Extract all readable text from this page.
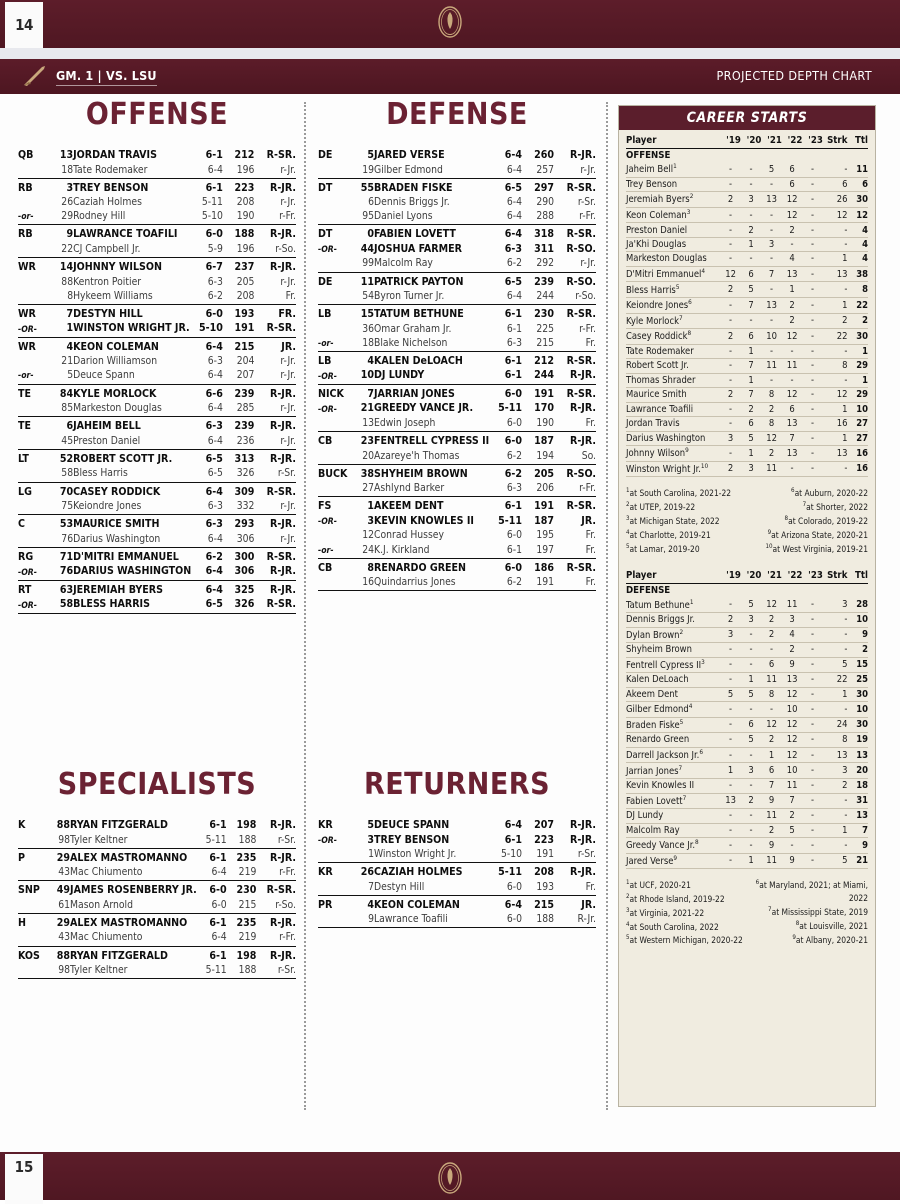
14
GM. 1 | VS. LSU	PROJECTED DEPTH CHART
OFFENSE
QB	13	JORDAN TRAVIS	6-1	212	R-SR.
	18	Tate Rodemaker	6-4	196	r-Jr.
RB	3	TREY BENSON	6-1	223	R-JR.
	26	Caziah Holmes	5-11	208	r-Jr.
-or-	29	Rodney Hill	5-10	190	r-Fr.
RB	9	LAWRANCE TOAFILI	6-0	188	R-JR.
	22	CJ Campbell Jr.	5-9	196	r-So.
WR	14	JOHNNY WILSON	6-7	237	R-JR.
	88	Kentron Poitier	6-3	205	r-Jr.
	8	Hykeem Williams	6-2	208	Fr.
WR	7	DESTYN HILL	6-0	193	FR.
-OR-	1	WINSTON WRIGHT JR.	5-10	191	R-SR.
WR	4	KEON COLEMAN	6-4	215	JR.
	21	Darion Williamson	6-3	204	r-Jr.
-or-	5	Deuce Spann	6-4	207	r-Jr.
TE	84	KYLE MORLOCK	6-6	239	R-JR.
	85	Markeston Douglas	6-4	285	r-Jr.
TE	6	JAHEIM BELL	6-3	239	R-JR.
	45	Preston Daniel	6-4	236	r-Jr.
LT	52	ROBERT SCOTT JR.	6-5	313	R-JR.
	58	Bless Harris	6-5	326	r-Sr.
LG	70	CASEY RODDICK	6-4	309	R-SR.
	75	Keiondre Jones	6-3	332	r-Jr.
C	53	MAURICE SMITH	6-3	293	R-JR.
	76	Darius Washington	6-4	306	r-Jr.
RG	71	D'MITRI EMMANUEL	6-2	300	R-SR.
-OR-	76	DARIUS WASHINGTON	6-4	306	R-JR.
RT	63	JEREMIAH BYERS	6-4	325	R-JR.
-OR-	58	BLESS HARRIS	6-5	326	R-SR.
DEFENSE
DE	5	JARED VERSE	6-4	260	R-JR.
	19	Gilber Edmond	6-4	257	r-Jr.
DT	55	BRADEN FISKE	6-5	297	R-SR.
	6	Dennis Briggs Jr.	6-4	290	r-Sr.
	95	Daniel Lyons	6-4	288	r-Fr.
DT	0	FABIEN LOVETT	6-4	318	R-SR.
-OR-	44	JOSHUA FARMER	6-3	311	R-SO.
	99	Malcolm Ray	6-2	292	r-Jr.
DE	11	PATRICK PAYTON	6-5	239	R-SO.
	54	Byron Turner Jr.	6-4	244	r-So.
LB	15	TATUM BETHUNE	6-1	230	R-SR.
	36	Omar Graham Jr.	6-1	225	r-Fr.
-or-	18	Blake Nichelson	6-3	215	Fr.
LB	4	KALEN DeLOACH	6-1	212	R-SR.
-OR-	10	DJ LUNDY	6-1	244	R-JR.
NICK	7	JARRIAN JONES	6-0	191	R-SR.
-OR-	21	GREEDY VANCE JR.	5-11	170	R-JR.
	13	Edwin Joseph	6-0	190	Fr.
CB	23	FENTRELL CYPRESS II	6-0	187	R-JR.
	20	Azareye'h Thomas	6-2	194	So.
BUCK	38	SHYHEIM BROWN	6-2	205	R-SO.
	27	Ashlynd Barker	6-3	206	r-Fr.
FS	1	AKEEM DENT	6-1	191	R-SR.
-OR-	3	KEVIN KNOWLES II	5-11	187	JR.
	12	Conrad Hussey	6-0	195	Fr.
-or-	24	K.J. Kirkland	6-1	197	Fr.
CB	8	RENARDO GREEN	6-0	186	R-SR.
	16	Quindarrius Jones	6-2	191	Fr.
SPECIALISTS
K	88	RYAN FITZGERALD	6-1	198	R-JR.
	98	Tyler Keltner	5-11	188	r-Sr.
P	29	ALEX MASTROMANNO	6-1	235	R-JR.
	43	Mac Chiumento	6-4	219	r-Fr.
SNP	49	JAMES ROSENBERRY JR.	6-0	230	R-SR.
	61	Mason Arnold	6-0	215	r-So.
H	29	ALEX MASTROMANNO	6-1	235	R-JR.
	43	Mac Chiumento	6-4	219	r-Fr.
KOS	88	RYAN FITZGERALD	6-1	198	R-JR.
	98	Tyler Keltner	5-11	188	r-Sr.
RETURNERS
KR	5	DEUCE SPANN	6-4	207	R-JR.
-OR-	3	TREY BENSON	6-1	223	R-JR.
	1	Winston Wright Jr.	5-10	191	r-Sr.
KR	26	CAZIAH HOLMES	5-11	208	R-JR.
	7	Destyn Hill	6-0	193	Fr.
PR	4	KEON COLEMAN	6-4	215	JR.
	9	Lawrance Toafili	6-0	188	R-Jr.
CAREER STARTS
Player	'19	'20	'21	'22	'23	Strk	Ttl
OFFENSE							
Jaheim Bell$^1$	-	-	5	6	-	-	11
Trey Benson	-	-	-	6	-	6	6
Jeremiah Byers$^2$	2	3	13	12	-	26	30
Keon Coleman$^3$	-	-	-	12	-	12	12
Preston Daniel	-	2	-	2	-	-	4
Ja'Khi Douglas	-	1	3	-	-	-	4
Markeston Douglas	-	-	-	4	-	1	4
D'Mitri Emmanuel$^4$	12	6	7	13	-	13	38
Bless Harris$^5$	2	5	-	1	-	-	8
Keiondre Jones$^6$	-	7	13	2	-	1	22
Kyle Morlock$^7$	-	-	-	2	-	2	2
Casey Roddick$^8$	2	6	10	12	-	22	30
Tate Rodemaker	-	1	-	-	-	-	1
Robert Scott Jr.	-	7	11	11	-	8	29
Thomas Shrader	-	1	-	-	-	-	1
Maurice Smith	2	7	8	12	-	12	29
Lawrance Toafili	-	2	2	6	-	1	10
Jordan Travis	-	6	8	13	-	16	27
Darius Washington	3	5	12	7	-	1	27
Johnny Wilson$^9$	-	1	2	13	-	13	16
Winston Wright Jr.$^{10}$	2	3	11	-	-	-	16
$^1$at South Carolina, 2021-22
$^2$at UTEP, 2019-22
$^3$at Michigan State, 2022
$^4$at Charlotte, 2019-21
$^5$at Lamar, 2019-20
$^6$at Auburn, 2020-22
$^7$at Shorter, 2022
$^8$at Colorado, 2019-22
$^9$at Arizona State, 2020-21
$^{10}$at West Virginia, 2019-21
Player	'19	'20	'21	'22	'23	Strk	Ttl
DEFENSE							
Tatum Bethune$^1$	-	5	12	11	-	3	28
Dennis Briggs Jr.	2	3	2	3	-	-	10
Dylan Brown$^2$	3	-	2	4	-	-	9
Shyheim Brown	-	-	-	2	-	-	2
Fentrell Cypress $II^3$	-	-	6	9	-	5	15
Kalen DeLoach	-	1	11	13	-	22	25
Akeem Dent	5	5	8	12	-	1	30
Gilber Edmond$^4$	-	-	-	10	-	-	10
Braden Fiske$^5$	-	6	12	12	-	24	30
Renardo Green	-	5	2	12	-	8	19
Darrell Jackson Jr.$^6$	-	-	1	12	-	13	13
Jarrian Jones$^7$	1	3	6	10	-	3	20
Kevin Knowles II	-	-	7	11	-	2	18
Fabien Lovett$^7$	13	2	9	7	-	-	31
DJ Lundy	-	-	11	2	-	-	13
Malcolm Ray	-	-	2	5	-	1	7
Greedy Vance Jr.$^8$	-	-	9	-	-	-	9
Jared Verse$^9$	-	1	11	9	-	5	21
$^1$at UCF, 2020-21
$^2$at Rhode Island, 2019-22
$^3$at Virginia, 2021-22
$^4$at South Carolina, 2022
$^5$at Western Michigan, 2020-22
$^6$at Maryland, 2021; at Miami, 2022
$^7$at Mississippi State, 2019
$^8$at Louisville, 2021
$^9$at Albany, 2020-21
15
